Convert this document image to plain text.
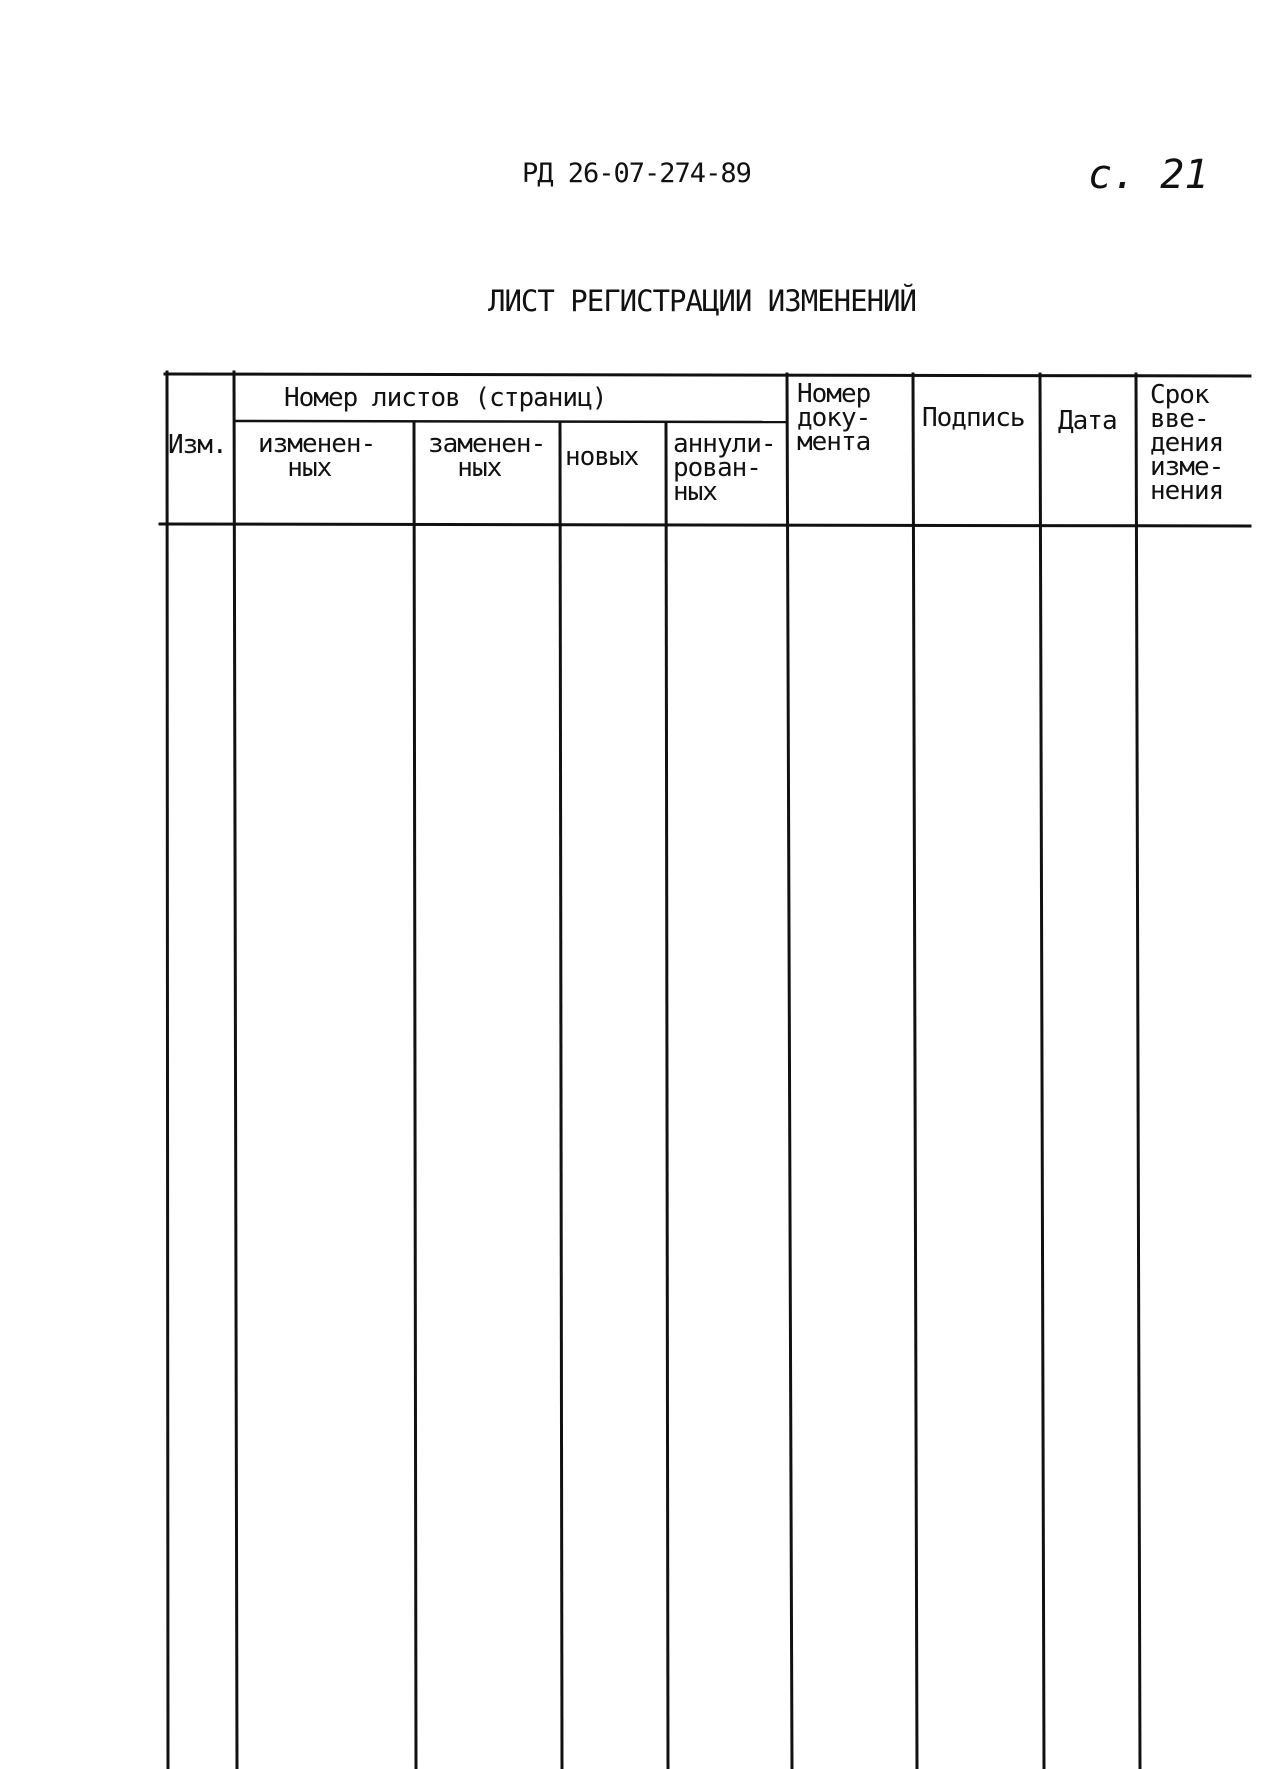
РД 26-07-274-89	с. 21
ЛИСТ РЕГИСТРАЦИИ ИЗМЕНЕНИЙ
Изм.
Номер листов (страниц)
изменен-
ных
заменен-
ных	новых аннули-
рован-
ных
Номер
доку-
мента
Подпись Дата
Срок
вве-
дения
изме-
нения
